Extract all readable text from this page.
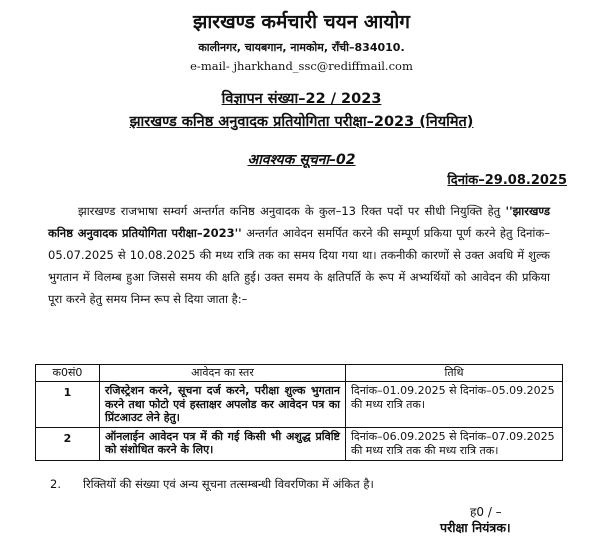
झारखण्ड कर्मचारी चयन आयोग
कालीनगर, चायबगान, नामकोम, राँची–834010.
e-mail- jharkhand_ssc@rediffmail.com
विज्ञापन संख्या–22 / 2023
झारखण्ड कनिष्ठ अनुवादक प्रतियोगिता परीक्षा–2023 (नियमित)
आवश्यक सूचना–02
दिनांक–29.08.2025
झारखण्ड राजभाषा सम्वर्ग अन्तर्गत कनिष्ठ अनुवादक के कुल–13 रिक्त पदों पर सीधी नियुक्ति हेतु ''झारखण्ड कनिष्ठ अनुवादक प्रतियोगिता परीक्षा–2023'' अन्तर्गत आवेदन समर्पित करने की सम्पूर्ण प्रकिया पूर्ण करने हेतु दिनांक–05.07.2025 से 10.08.2025 की मध्य रात्रि तक का समय दिया गया था। तकनीकी कारणों से उक्त अवधि में शुल्क भुगतान में विलम्ब हुआ जिससे समय की क्षति हुई। उक्त समय के क्षतिपर्ति के रूप में अभ्यर्थियों को आवेदन की प्रकिया पूरा करने हेतु समय निम्न रूप से दिया जाता है:–
क0सं0	आवेदन का स्तर	तिथि
1	रजिस्ट्रेशन करने, सूचना दर्ज करने, परीक्षा शुल्क भुगतान करने तथा फोटो एवं हस्ताक्षर अपलोड कर आवेदन पत्र का प्रिंटआउट लेने हेतु।	दिनांक–01.09.2025 से दिनांक–05.09.2025 की मध्य रात्रि तक।
2	ऑनलाईन आवेदन पत्र में की गई किसी भी अशुद्ध प्रविष्टि को संशोधित करने के लिए।	दिनांक–06.09.2025 से दिनांक–07.09.2025 की मध्य रात्रि तक की मध्य रात्रि तक।
2. रिक्तियों की संख्या एवं अन्य सूचना तत्सम्बन्धी विवरणिका में अंकित है।
ह0 / –
परीक्षा नियंत्रक।
